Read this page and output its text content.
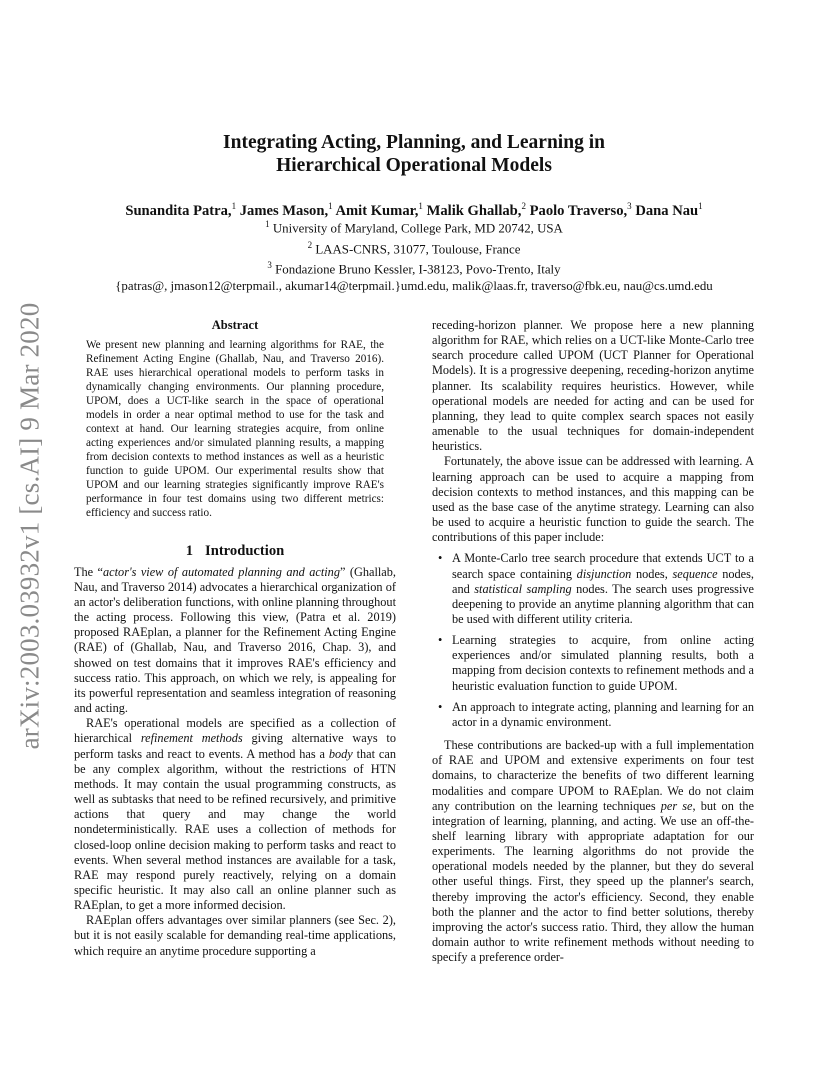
arXiv:2003.03932v1 [cs.AI] 9 Mar 2020
Integrating Acting, Planning, and Learning in
Hierarchical Operational Models
Sunandita Patra,$^1$ James Mason,$^1$ Amit Kumar,$^1$ Malik Ghallab,$^2$ Paolo Traverso,$^3$ Dana Nau$^1$
$^1$ University of Maryland, College Park, MD 20742, USA
$^2$ LAAS-CNRS, 31077, Toulouse, France
$^3$ Fondazione Bruno Kessler, I-38123, Povo-Trento, Italy
{patras@, jmason12@terpmail., akumar14@terpmail.}umd.edu, malik@laas.fr, traverso@fbk.eu, nau@cs.umd.edu
Abstract

We present new planning and learning algorithms for RAE, the Refinement Acting Engine (Ghallab, Nau, and Traverso 2016). RAE uses hierarchical operational models to perform tasks in dynamically changing environments. Our planning procedure, UPOM, does a UCT-like search in the space of operational models in order a near optimal method to use for the task and context at hand. Our learning strategies acquire, from online acting experiences and/or simulated planning results, a mapping from decision contexts to method instances as well as a heuristic function to guide UPOM. Our experimental results show that UPOM and our learning strategies significantly improve RAE's performance in four test domains using two different metrics: efficiency and success ratio.

1 Introduction

The “actor's view of automated planning and acting” (Ghallab, Nau, and Traverso 2014) advocates a hierarchical organization of an actor's deliberation functions, with online planning throughout the acting process. Following this view, (Patra et al. 2019) proposed RAEplan, a planner for the Refinement Acting Engine (RAE) of (Ghallab, Nau, and Traverso 2016, Chap. 3), and showed on test domains that it improves RAE's efficiency and success ratio. This approach, on which we rely, is appealing for its powerful representation and seamless integration of reasoning and acting.

RAE's operational models are specified as a collection of hierarchical refinement methods giving alternative ways to perform tasks and react to events. A method has a body that can be any complex algorithm, without the restrictions of HTN methods. It may contain the usual programming constructs, as well as subtasks that need to be refined recursively, and primitive actions that query and may change the world nondeterministically. RAE uses a collection of methods for closed-loop online decision making to perform tasks and react to events. When several method instances are available for a task, RAE may respond purely reactively, relying on a domain specific heuristic. It may also call an online planner such as RAEplan, to get a more informed decision.

RAEplan offers advantages over similar planners (see Sec. 2), but it is not easily scalable for demanding real-time applications, which require an anytime procedure supporting a

receding-horizon planner. We propose here a new planning algorithm for RAE, which relies on a UCT-like Monte-Carlo tree search procedure called UPOM (UCT Planner for Operational Models). It is a progressive deepening, receding-horizon anytime planner. Its scalability requires heuristics. However, while operational models are needed for acting and can be used for planning, they lead to quite complex search spaces not easily amenable to the usual techniques for domain-independent heuristics.

Fortunately, the above issue can be addressed with learning. A learning approach can be used to acquire a mapping from decision contexts to method instances, and this mapping can be used as the base case of the anytime strategy. Learning can also be used to acquire a heuristic function to guide the search. The contributions of this paper include:

• A Monte-Carlo tree search procedure that extends UCT to a search space containing disjunction nodes, sequence nodes, and statistical sampling nodes. The search uses progressive deepening to provide an anytime planning algorithm that can be used with different utility criteria.
• Learning strategies to acquire, from online acting experiences and/or simulated planning results, both a mapping from decision contexts to refinement methods and a heuristic evaluation function to guide UPOM.
• An approach to integrate acting, planning and learning for an actor in a dynamic environment.

These contributions are backed-up with a full implementation of RAE and UPOM and extensive experiments on four test domains, to characterize the benefits of two different learning modalities and compare UPOM to RAEplan. We do not claim any contribution on the learning techniques per se, but on the integration of learning, planning, and acting. We use an off-the-shelf learning library with appropriate adaptation for our experiments. The learning algorithms do not provide the operational models needed by the planner, but they do several other useful things. First, they speed up the planner's search, thereby improving the actor's efficiency. Second, they enable both the planner and the actor to find better solutions, thereby improving the actor's success ratio. Third, they allow the human domain author to write refinement methods without needing to specify a preference order-
